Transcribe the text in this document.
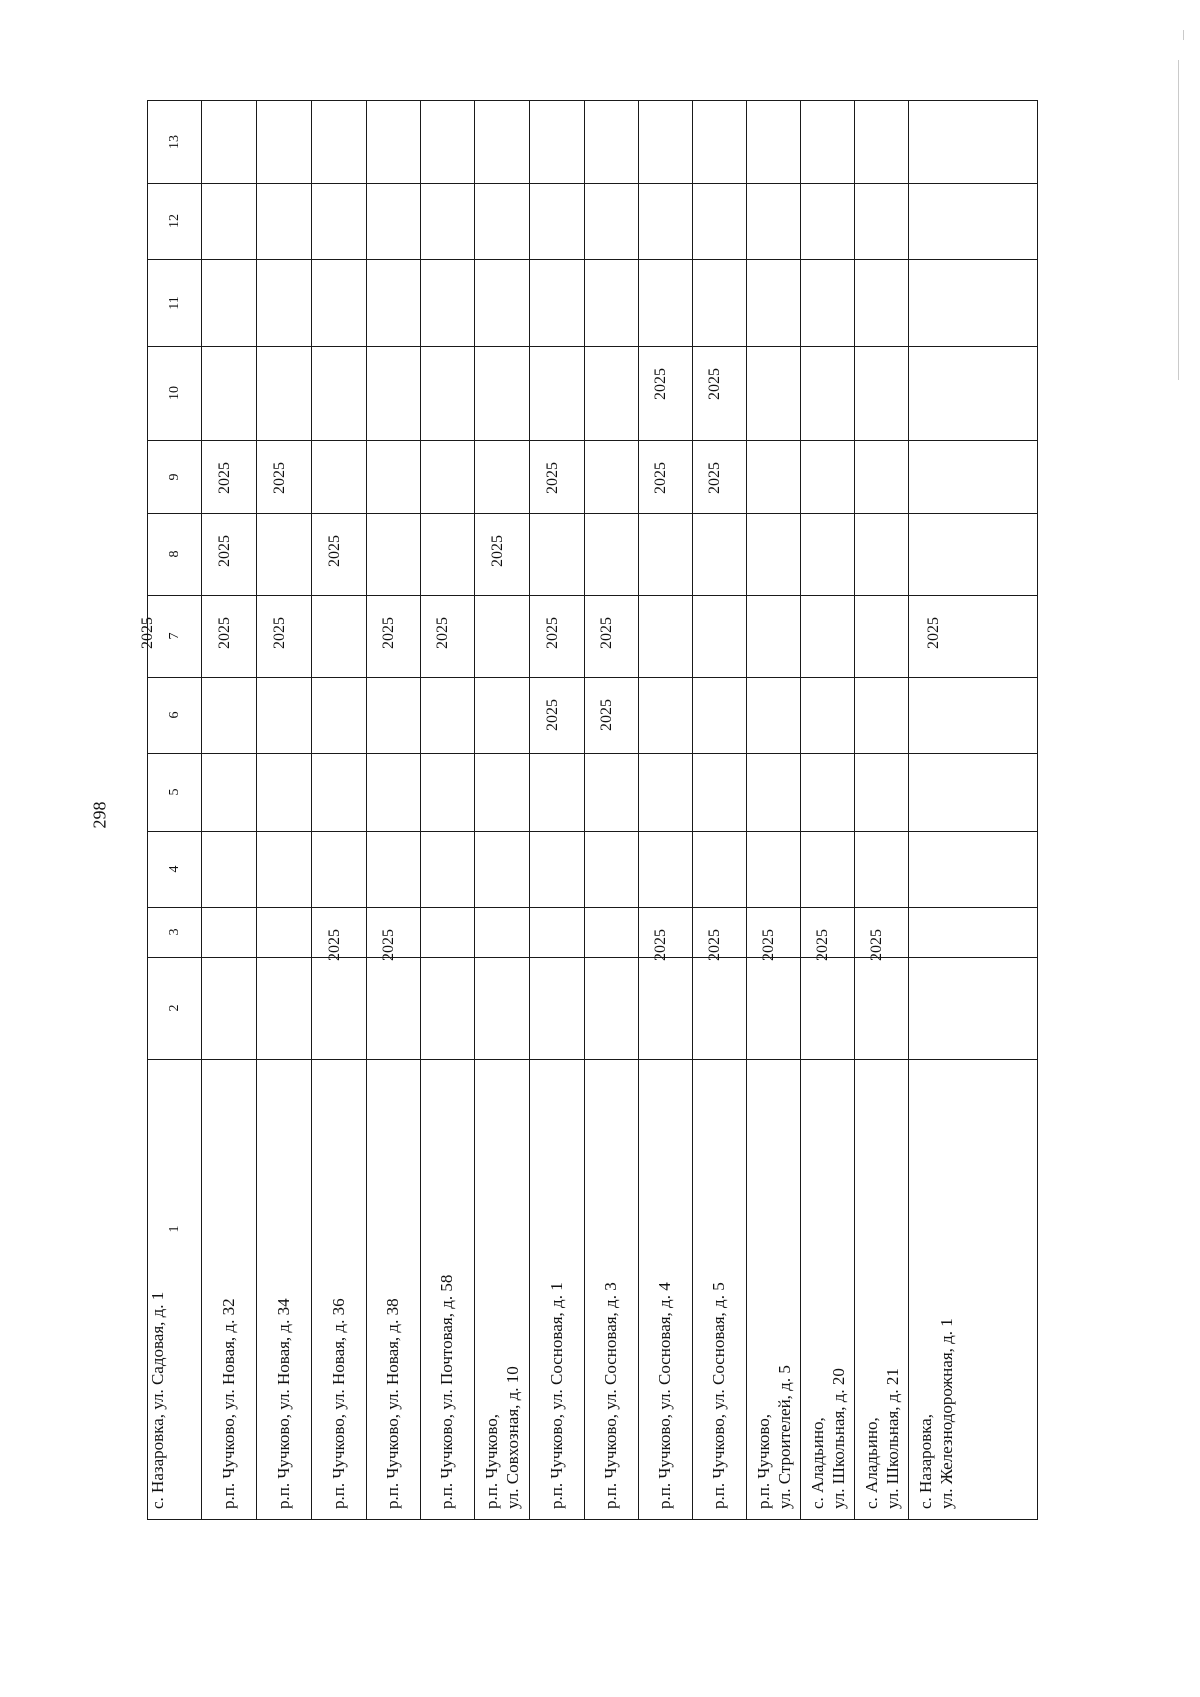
298
1
2
3
4
5
6
7
8
9
10
11
12
13
р.п. Чучково, ул. Новая, д. 32
2025
2025
2025
р.п. Чучково, ул. Новая, д. 34
2025
2025
р.п. Чучково, ул. Новая, д. 36
2025
2025
р.п. Чучково, ул. Новая, д. 38
2025
2025
р.п. Чучково, ул. Почтовая, д. 58
2025
р.п. Чучково,
ул. Совхозная, д. 10
2025
р.п. Чучково, ул. Сосновая, д. 1
2025
2025
2025
р.п. Чучково, ул. Сосновая, д. 3
2025
2025
р.п. Чучково, ул. Сосновая, д. 4
2025
2025
2025
р.п. Чучково, ул. Сосновая, д. 5
2025
2025
2025
р.п. Чучково,
ул. Строителей, д. 5
2025
с. Аладьино,
ул. Школьная, д. 20
2025
с. Аладьино,
ул. Школьная, д. 21
2025
с. Назаровка,
ул. Железнодорожная, д. 1
2025
с. Назаровка, ул. Садовая, д. 1
2025
